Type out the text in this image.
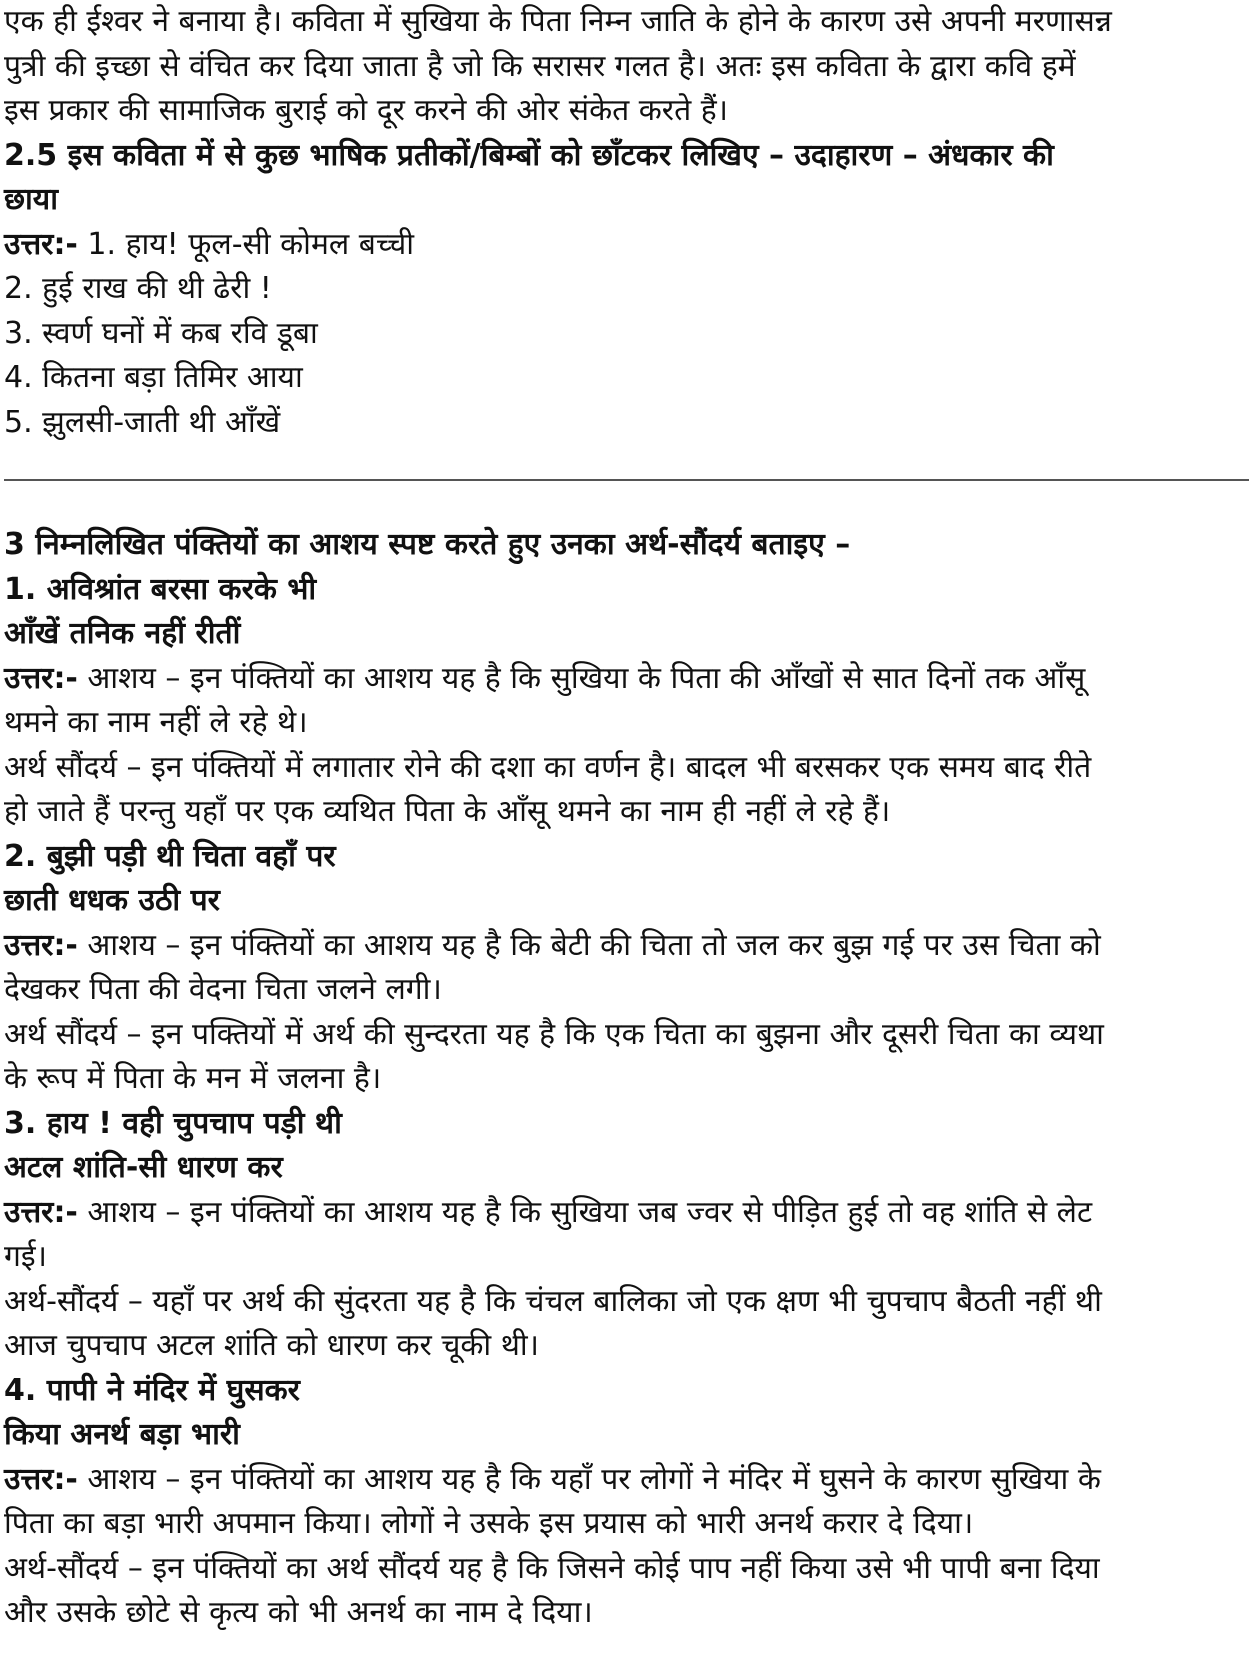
एक ही ईश्वर ने बनाया है। कविता में सुखिया के पिता निम्न जाति के होने के कारण उसे अपनी मरणासन्न
पुत्री की इच्छा से वंचित कर दिया जाता है जो कि सरासर गलत है। अतः इस कविता के द्वारा कवि हमें
इस प्रकार की सामाजिक बुराई को दूर करने की ओर संकेत करते हैं।
2.5 इस कविता में से कुछ भाषिक प्रतीकों/बिम्बों को छाँटकर लिखिए – उदाहारण – अंधकार की
छाया
उत्तर:- 1. हाय! फूल-सी कोमल बच्ची
2. हुई राख की थी ढेरी !
3. स्वर्ण घनों में कब रवि डूबा
4. कितना बड़ा तिमिर आया
5. झुलसी-जाती थी आँखें
3 निम्नलिखित पंक्तियों का आशय स्पष्ट करते हुए उनका अर्थ-सौंदर्य बताइए –
1. अविश्रांत बरसा करके भी
आँखें तनिक नहीं रीतीं
उत्तर:- आशय – इन पंक्तियों का आशय यह है कि सुखिया के पिता की आँखों से सात दिनों तक आँसू
थमने का नाम नहीं ले रहे थे।
अर्थ सौंदर्य – इन पंक्तियों में लगातार रोने की दशा का वर्णन है। बादल भी बरसकर एक समय बाद रीते
हो जाते हैं परन्तु यहाँ पर एक व्यथित पिता के आँसू थमने का नाम ही नहीं ले रहे हैं।
2. बुझी पड़ी थी चिता वहाँ पर
छाती धधक उठी पर
उत्तर:- आशय – इन पंक्तियों का आशय यह है कि बेटी की चिता तो जल कर बुझ गई पर उस चिता को
देखकर पिता की वेदना चिता जलने लगी।
अर्थ सौंदर्य – इन पक्तियों में अर्थ की सुन्दरता यह है कि एक चिता का बुझना और दूसरी चिता का व्यथा
के रूप में पिता के मन में जलना है।
3. हाय ! वही चुपचाप पड़ी थी
अटल शांति-सी धारण कर
उत्तर:- आशय – इन पंक्तियों का आशय यह है कि सुखिया जब ज्वर से पीड़ित हुई तो वह शांति से लेट
गई।
अर्थ-सौंदर्य – यहाँ पर अर्थ की सुंदरता यह है कि चंचल बालिका जो एक क्षण भी चुपचाप बैठती नहीं थी
आज चुपचाप अटल शांति को धारण कर चूकी थी।
4. पापी ने मंदिर में घुसकर
किया अनर्थ बड़ा भारी
उत्तर:- आशय – इन पंक्तियों का आशय यह है कि यहाँ पर लोगों ने मंदिर में घुसने के कारण सुखिया के
पिता का बड़ा भारी अपमान किया। लोगों ने उसके इस प्रयास को भारी अनर्थ करार दे दिया।
अर्थ-सौंदर्य – इन पंक्तियों का अर्थ सौंदर्य यह है कि जिसने कोई पाप नहीं किया उसे भी पापी बना दिया
और उसके छोटे से कृत्य को भी अनर्थ का नाम दे दिया।
